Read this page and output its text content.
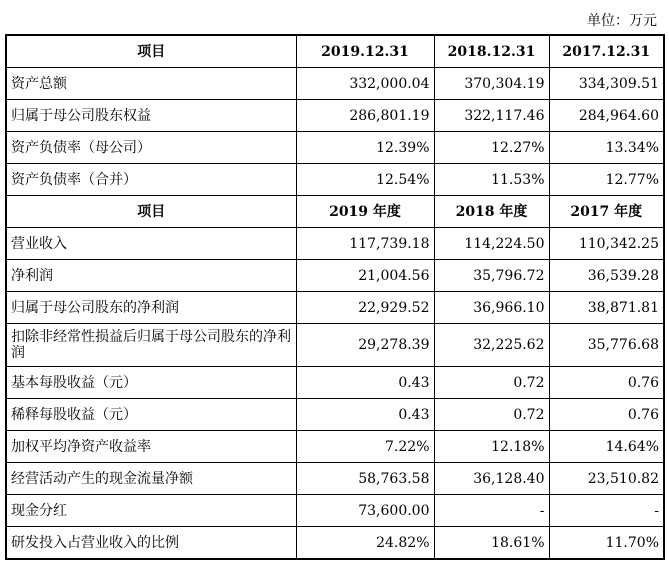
单位：万元
项目	2019.12.31	2018.12.31	2017.12.31
资产总额	332,000.04	370,304.19	334,309.51
归属于母公司股东权益	286,801.19	322,117.46	284,964.60
资产负债率（母公司）	12.39%	12.27%	13.34%
资产负债率（合并）	12.54%	11.53%	12.77%
项目	2019 年度	2018 年度	2017 年度
营业收入	117,739.18	114,224.50	110,342.25
净利润	21,004.56	35,796.72	36,539.28
归属于母公司股东的净利润	22,929.52	36,966.10	38,871.81
扣除非经常性损益后归属于母公司股东的净利润	29,278.39	32,225.62	35,776.68
基本每股收益（元）	0.43	0.72	0.76
稀释每股收益（元）	0.43	0.72	0.76
加权平均净资产收益率	7.22%	12.18%	14.64%
经营活动产生的现金流量净额	58,763.58	36,128.40	23,510.82
现金分红	73,600.00	-	-
研发投入占营业收入的比例	24.82%	18.61%	11.70%
